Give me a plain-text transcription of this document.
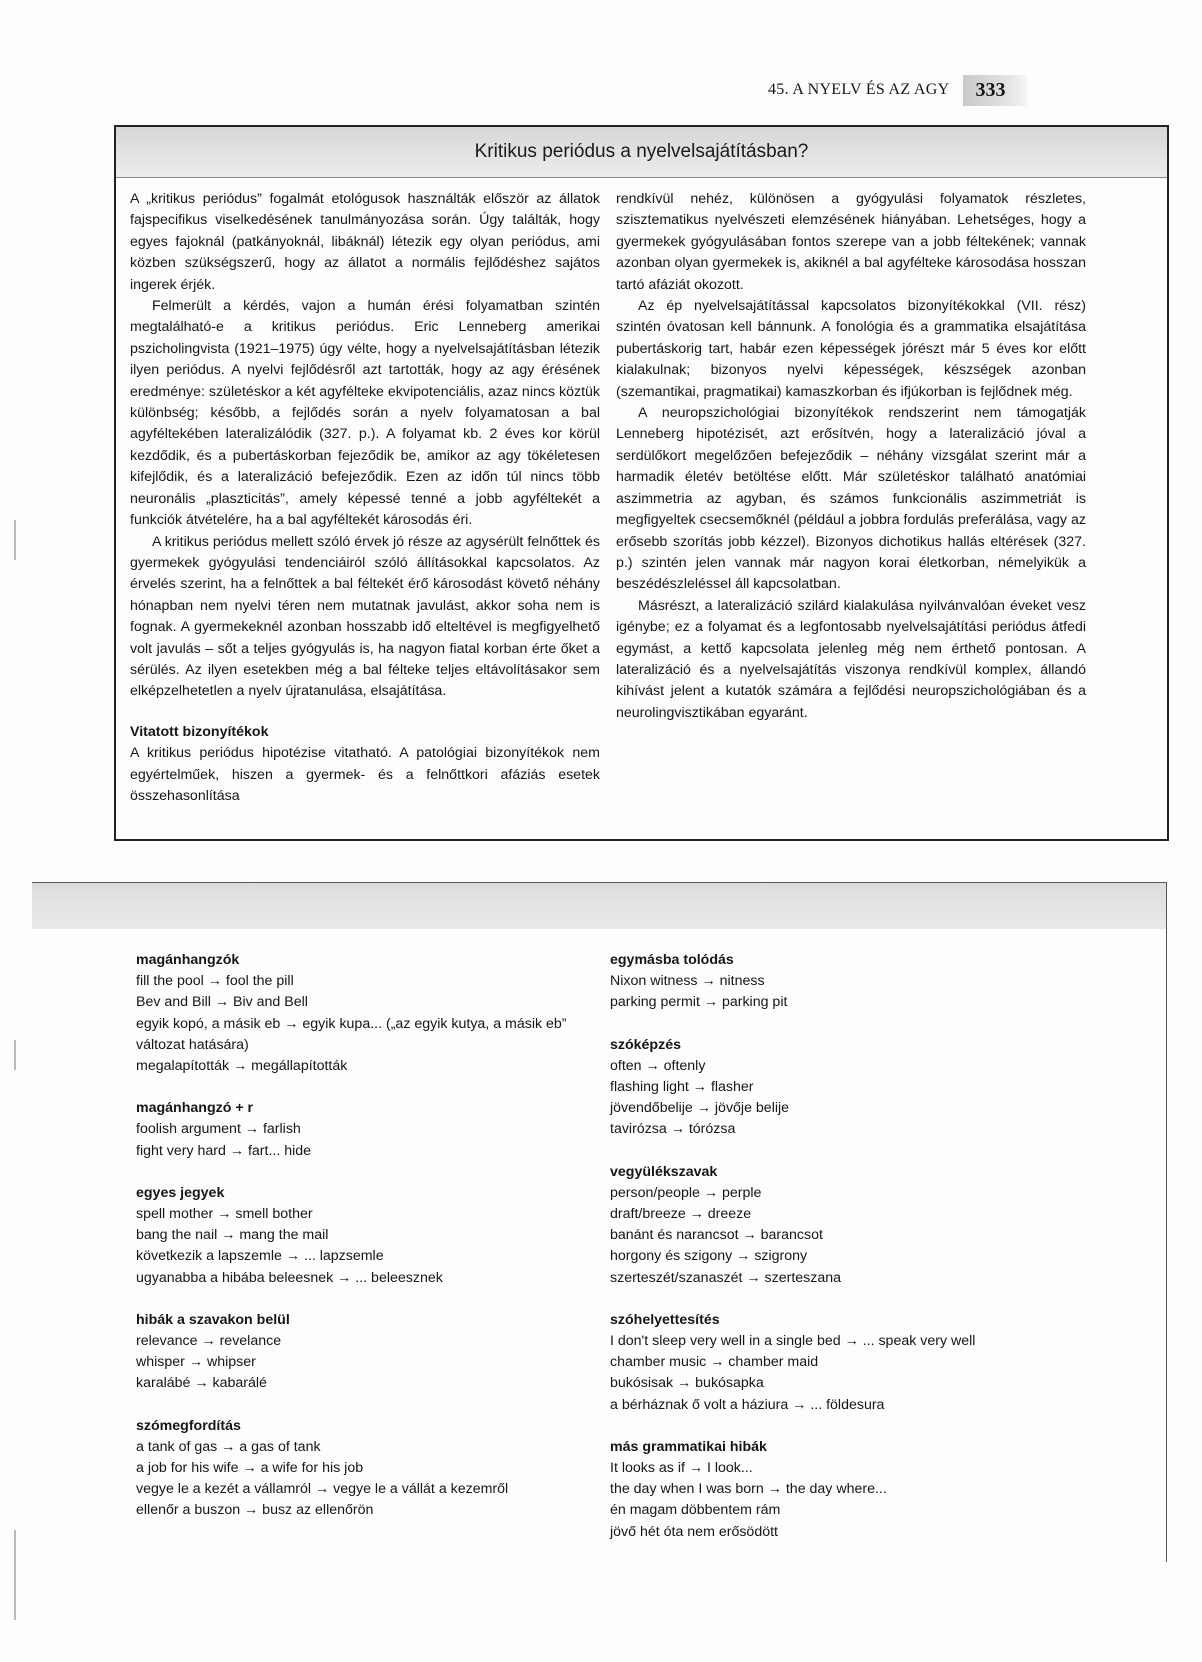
45. A NYELV ÉS AZ AGY	333
Kritikus periódus a nyelvelsajátításban?

A „kritikus periódus” fogalmát etológusok használták először az állatok fajspecifikus viselkedésének tanulmányozása során. Úgy találták, hogy egyes fajoknál (patkányoknál, libáknál) létezik egy olyan periódus, ami közben szükségszerű, hogy az állatot a normális fejlődéshez sajátos ingerek érjék.

Felmerült a kérdés, vajon a humán érési folyamatban szintén megtalálható-e a kritikus periódus. Eric Lenneberg amerikai pszicholingvista (1921–1975) úgy vélte, hogy a nyelvelsajátításban létezik ilyen periódus. A nyelvi fejlődésről azt tartották, hogy az agy érésének eredménye: születéskor a két agyfélteke ekvipotenciális, azaz nincs köztük különbség; később, a fejlődés során a nyelv folyamatosan a bal agyféltekében lateralizálódik (327. p.). A folyamat kb. 2 éves kor körül kezdődik, és a pubertáskorban fejeződik be, amikor az agy tökéletesen kifejlődik, és a lateralizáció befejeződik. Ezen az időn túl nincs több neuronális „plaszticitás”, amely képessé tenné a jobb agyféltekét a funkciók átvételére, ha a bal agyféltekét károsodás éri.

A kritikus periódus mellett szóló érvek jó része az agysérült felnőttek és gyermekek gyógyulási tendenciáiról szóló állításokkal kapcsolatos. Az érvelés szerint, ha a felnőttek a bal féltekét érő károsodást követő néhány hónapban nem nyelvi téren nem mutatnak javulást, akkor soha nem is fognak. A gyermekeknél azonban hosszabb idő elteltével is megfigyelhető volt javulás – sőt a teljes gyógyulás is, ha nagyon fiatal korban érte őket a sérülés. Az ilyen esetekben még a bal félteke teljes eltávolításakor sem elképzelhetetlen a nyelv újratanulása, elsajátítása.

Vitatott bizonyítékok

A kritikus periódus hipotézise vitatható. A patológiai bizonyítékok nem egyértelműek, hiszen a gyermek- és a felnőttkori afáziás esetek összehasonlítása

rendkívül nehéz, különösen a gyógyulási folyamatok részletes, szisztematikus nyelvészeti elemzésének hiányában. Lehetséges, hogy a gyermekek gyógyulásában fontos szerepe van a jobb féltekének; vannak azonban olyan gyermekek is, akiknél a bal agyfélteke károsodása hosszan tartó afáziát okozott.

Az ép nyelvelsajátítással kapcsolatos bizonyítékokkal (VII. rész) szintén óvatosan kell bánnunk. A fonológia és a grammatika elsajátítása pubertáskorig tart, habár ezen képességek jórészt már 5 éves kor előtt kialakulnak; bizonyos nyelvi képességek, készségek azonban (szemantikai, pragmatikai) kamaszkorban és ifjúkorban is fejlődnek még.

A neuropszichológiai bizonyítékok rendszerint nem támogatják Lenneberg hipotézisét, azt erősítvén, hogy a lateralizáció jóval a serdülőkort megelőzően befejeződik – néhány vizsgálat szerint már a harmadik életév betöltése előtt. Már születéskor található anatómiai aszimmetria az agyban, és számos funkcionális aszimmetriát is megfigyeltek csecsemőknél (például a jobbra fordulás preferálása, vagy az erősebb szorítás jobb kézzel). Bizonyos dichotikus hallás eltérések (327. p.) szintén jelen vannak már nagyon korai életkorban, némelyikük a beszédészleléssel áll kapcsolatban.

Másrészt, a lateralizáció szilárd kialakulása nyilvánvalóan éveket vesz igénybe; ez a folyamat és a legfontosabb nyelvelsajátítási periódus átfedi egymást, a kettő kapcsolata jelenleg még nem érthető pontosan. A lateralizáció és a nyelvelsajátítás viszonya rendkívül komplex, állandó kihívást jelent a kutatók számára a fejlődési neuropszichológiában és a neurolingvisztikában egyaránt.

magánhangzók
fill the pool → fool the pill
Bev and Bill → Biv and Bell
egyik kopó, a másik eb → egyik kupa... („az egyik kutya, a másik eb”
változat hatására)
megalapították → megállapították
magánhangzó + r
foolish argument → farlish
fight very hard → fart... hide
egyes jegyek
spell mother → smell bother
bang the nail → mang the mail
következik a lapszemle → ... lapzsemle
ugyanabba a hibába beleesnek → ... beleesznek
hibák a szavakon belül
relevance → revelance
whisper → whipser
karalábé → kabarálé
szómegfordítás
a tank of gas → a gas of tank
a job for his wife → a wife for his job
vegye le a kezét a vállamról → vegye le a vállát a kezemről
ellenőr a buszon → busz az ellenőrön
egymásba tolódás
Nixon witness → nitness
parking permit → parking pit
szóképzés
often → oftenly
flashing light → flasher
jövendőbelije → jövője belije
tavirózsa → tórózsa
vegyülékszavak
person/people → perple
draft/breeze → dreeze
banánt és narancsot → barancsot
horgony és szigony → szigrony
szerteszét/szanaszét → szerteszana
szóhelyettesítés
I don't sleep very well in a single bed → ... speak very well
chamber music → chamber maid
bukósisak → bukósapka
a bérháznak ő volt a háziura → ... földesura
más grammatikai hibák
It looks as if → I look...
the day when I was born → the day where...
én magam döbbentem rám
jövő hét óta nem erősödött
